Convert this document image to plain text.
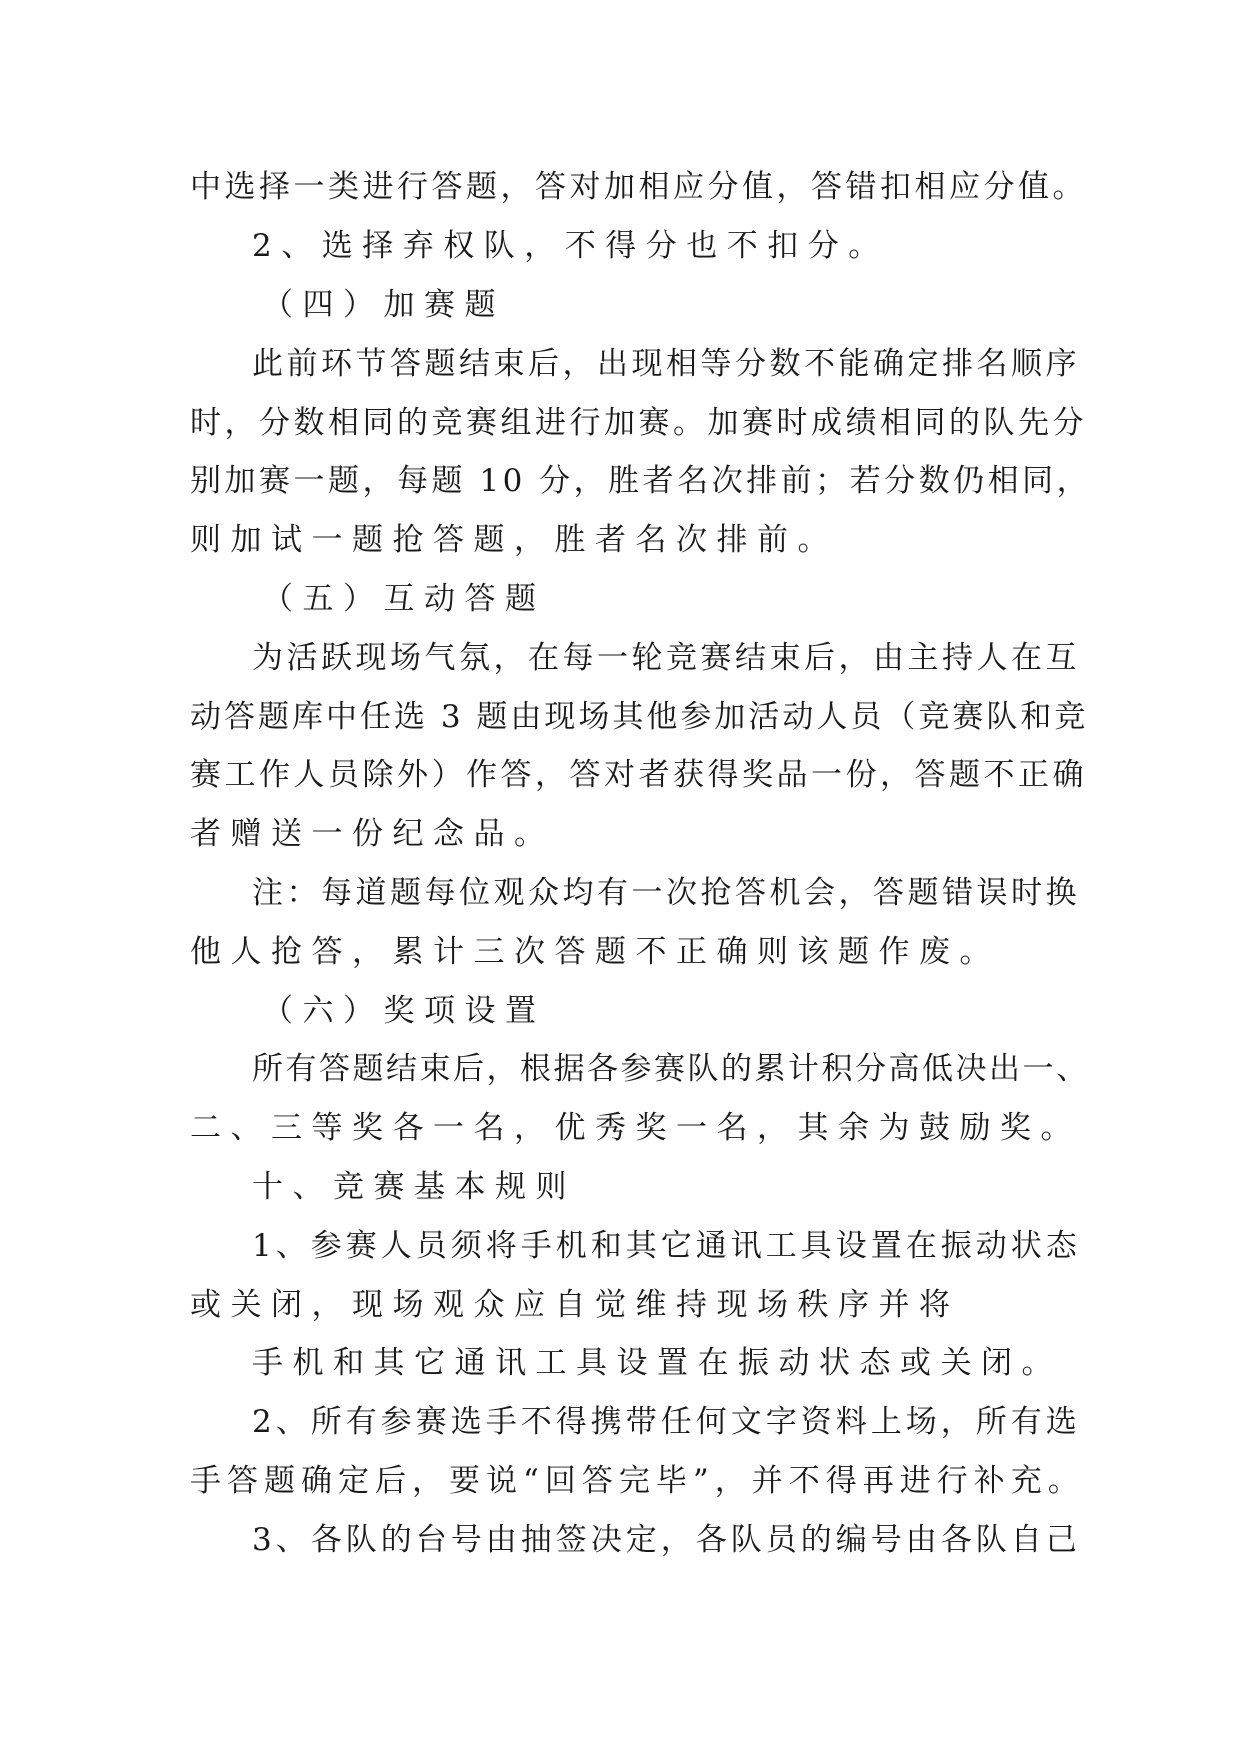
中选择一类进行答题，答对加相应分值，答错扣相应分值。
2、选择弃权队，不得分也不扣分。
（四）加赛题
此前环节答题结束后，出现相等分数不能确定排名顺序
时，分数相同的竞赛组进行加赛。加赛时成绩相同的队先分
别加赛一题，每题 10 分，胜者名次排前；若分数仍相同，
则加试一题抢答题，胜者名次排前。
（五）互动答题
为活跃现场气氛，在每一轮竞赛结束后，由主持人在互
动答题库中任选 3 题由现场其他参加活动人员（竞赛队和竞
赛工作人员除外）作答，答对者获得奖品一份，答题不正确
者赠送一份纪念品。
注：每道题每位观众均有一次抢答机会，答题错误时换
他人抢答，累计三次答题不正确则该题作废。
（六）奖项设置
所有答题结束后，根据各参赛队的累计积分高低决出一、
二、三等奖各一名，优秀奖一名，其余为鼓励奖。
十、竞赛基本规则
1、参赛人员须将手机和其它通讯工具设置在振动状态
或关闭，现场观众应自觉维持现场秩序并将
手机和其它通讯工具设置在振动状态或关闭。
2、所有参赛选手不得携带任何文字资料上场，所有选
手答题确定后，要说“回答完毕”，并不得再进行补充。
3、各队的台号由抽签决定，各队员的编号由各队自己
